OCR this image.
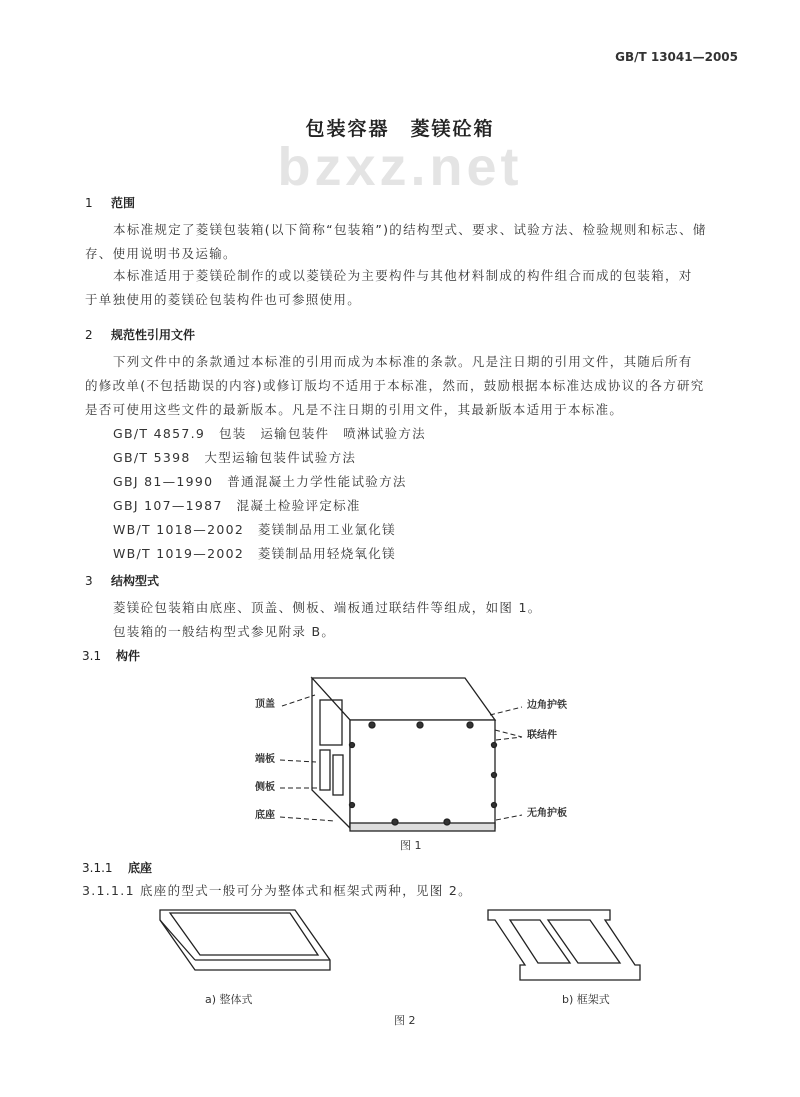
GB/T 13041—2005
bzxz.net
包装容器　菱镁砼箱
1 范围
本标准规定了菱镁包装箱(以下简称“包装箱”)的结构型式、要求、试验方法、检验规则和标志、储
存、使用说明书及运输。
本标准适用于菱镁砼制作的或以菱镁砼为主要构件与其他材料制成的构件组合而成的包装箱，对
于单独使用的菱镁砼包装构件也可参照使用。
2 规范性引用文件
下列文件中的条款通过本标准的引用而成为本标准的条款。凡是注日期的引用文件，其随后所有
的修改单(不包括勘误的内容)或修订版均不适用于本标准，然而，鼓励根据本标准达成协议的各方研究
是否可使用这些文件的最新版本。凡是不注日期的引用文件，其最新版本适用于本标准。
GB/T 4857.9　 包装　运输包装件　喷淋试验方法
GB/T 5398　 大型运输包装件试验方法
GBJ 81—1990　 普通混凝土力学性能试验方法
GBJ 107—1987　 混凝土检验评定标准
WB/T 1018—2002　 菱镁制品用工业氯化镁
WB/T 1019—2002　 菱镁制品用轻烧氧化镁
3 结构型式
菱镁砼包装箱由底座、顶盖、侧板、端板通过联结件等组成，如图 1。
包装箱的一般结构型式参见附录 B。
3.1 构件
顶盖
端板
侧板
底座
边角护铁
联结件
无角护板
图 1
3.1.1 底座
3.1.1.1 底座的型式一般可分为整体式和框架式两种，见图 2。
a) 整体式	b) 框架式
图 2
